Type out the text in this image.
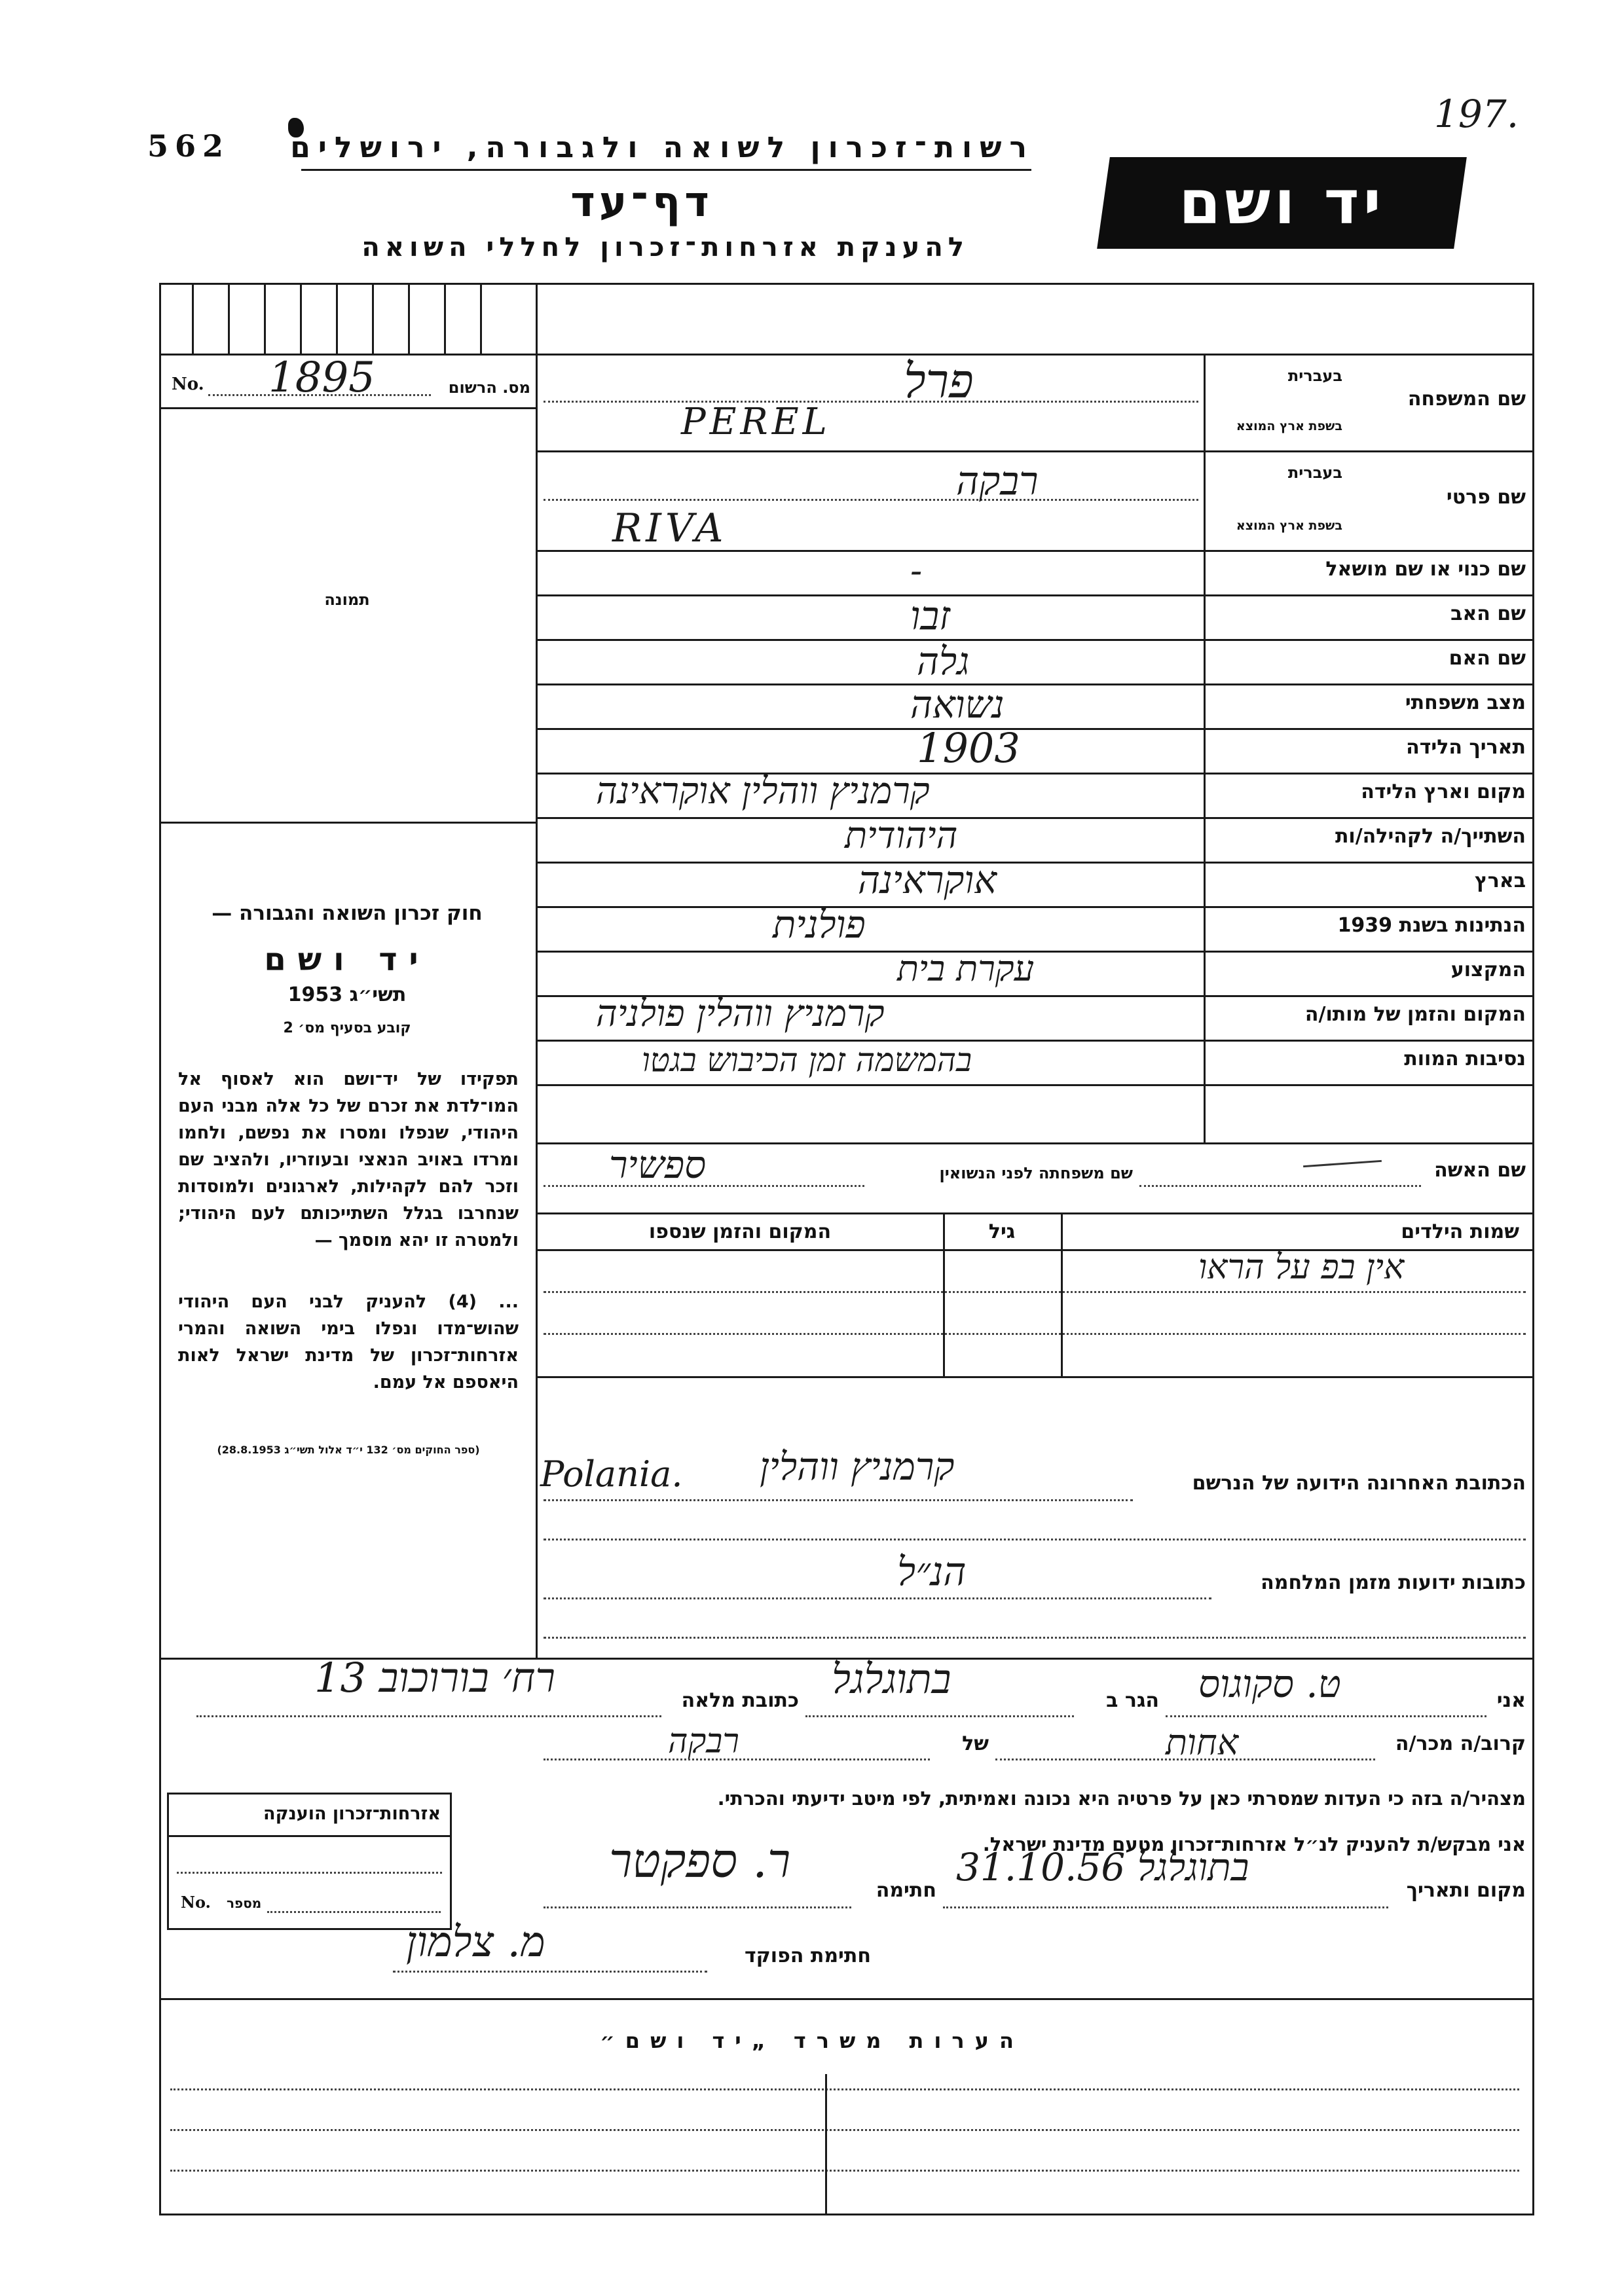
197.
562 רשות־זכרון לשואה ולגבורה, ירושלים
דף־עד
להענקת אזרחות־זכרון לחללי השואה
יד ושם
No. 1895	מס. הרשום
תמונה
חוק זכרון השואה והגבורה —
יד ושם
תשי״ג 1953
קובע בסעיף מס׳ 2
תפקידו של יד־ושם הוא לאסוף אל המו־לדת את זכרם של כל אלה מבני העם היהודי, שנפלו ומסרו את נפשם, ולחמו ומרדו באויב הנאצי ובעוזריו, ולהציב שם וזכר להם לקהילות, לארגונים ולמוסדות שנחרבו בגלל השתייכותם לעם היהודי; ולמטרה זו יהא מוסמך —
... (4) להעניק לבני העם היהודי שהוש־מדו ונפלו בימי השואה והמרי אזרחות־זכרון של מדינת ישראל לאות היאספם אל עמם.
(ספר החוקים מס׳ 132 י״ד אלול תשי״ג 28.8.1953)
שם המשפחה
בעברית
בשפת ארץ המוצא
פרל
PEREL
שם פרטי
בעברית
בשפת ארץ המוצא
רבקה
RIVA
שם כנוי או שם מושאל
-
שם האב
זבו
שם האם
גלה
מצב משפחתי
נשואה
תאריך הלידה
1903
מקום וארץ הלידה
קרמניץ ווהלין אוקראינה
השתייך/ה לקהילה/ות
היהודית
בארץ
אוקראינה
הנתינות בשנת 1939
פולנית
המקצוע
עקרת בית
המקום והזמן של מותו/ה
קרמניץ ווהלין פולניה
נסיבות המוות
בהמשמה זמן הכיבוש בגטו
שם האשה
שם משפחתה לפני הנשואין
ספשיר
שמות הילדים
גיל
המקום והזמן שנספו
אין בפ על הראו
הכתובת האחרונה הידועה של הנרשם
קרמניץ ווהלין
Polania.
כתובות ידועות מזמן המלחמה
הנ״ל
אני
ט. סקוגוס
הגר ב
בתוגלגל
כתובת מלאה
רח׳ בורוכוב 13
קרוב/ה מכר/ה
אחות
של
רבקה
מצהיר/ה בזה כי העדות שמסרתי כאן על פרטיה היא נכונה ואמיתית, לפי מיטב ידיעתי והכרתי.
אני מבקש/ת להעניק לנ״ל אזרחות־זכרון מטעם מדינת ישראל.
מקום ותאריך
בתוגלגל 31.10.56
חתימה
ר. ספקטר
חתימת הפוקד
מ. צלמון
אזרחות־זכרון הוענקה
No. מספר
הערות משרד „יד ושם״
